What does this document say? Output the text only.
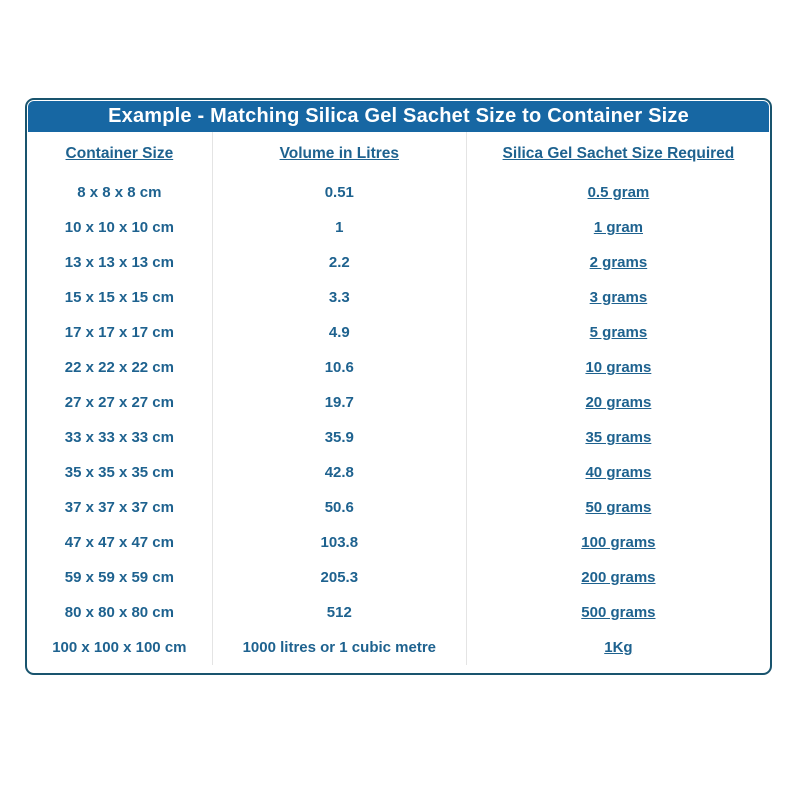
Example - Matching Silica Gel Sachet Size to Container Size
Container Size	Volume in Litres	Silica Gel Sachet Size Required
8 x 8 x 8 cm	0.51	0.5 gram
10 x 10 x 10 cm	1	1 gram
13 x 13 x 13 cm	2.2	2 grams
15 x 15 x 15 cm	3.3	3 grams
17 x 17 x 17 cm	4.9	5 grams
22 x 22 x 22 cm	10.6	10 grams
27 x 27 x 27 cm	19.7	20 grams
33 x 33 x 33 cm	35.9	35 grams
35 x 35 x 35 cm	42.8	40 grams
37 x 37 x 37 cm	50.6	50 grams
47 x 47 x 47 cm	103.8	100 grams
59 x 59 x 59 cm	205.3	200 grams
80 x 80 x 80 cm	512	500 grams
100 x 100 x 100 cm	1000 litres or 1 cubic metre	1Kg
